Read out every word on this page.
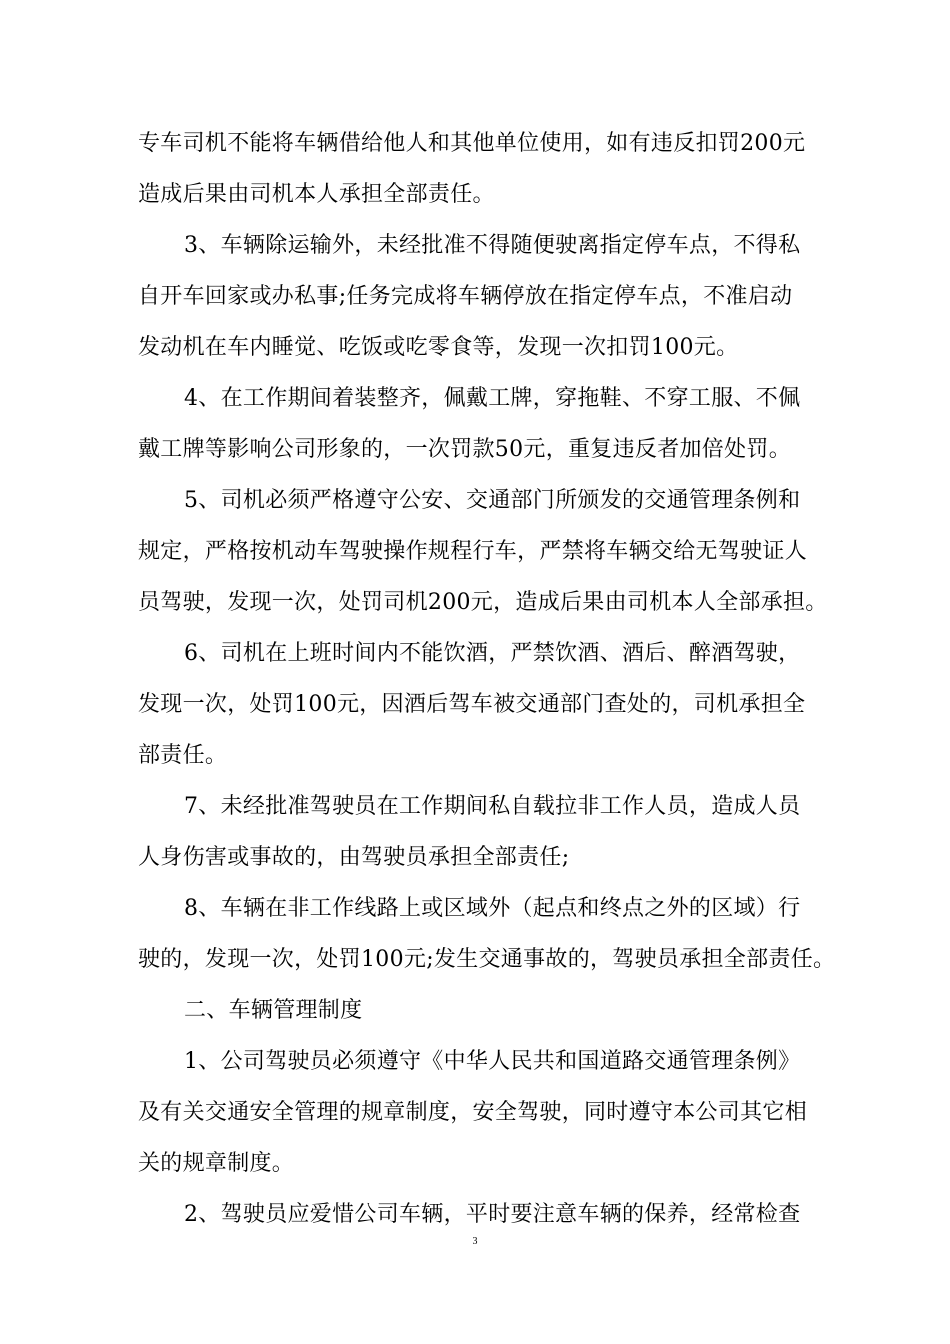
专车司机不能将车辆借给他人和其他单位使用，如有违反扣罚200元
造成后果由司机本人承担全部责任。
3、车辆除运输外，未经批准不得随便驶离指定停车点，不得私
自开车回家或办私事;任务完成将车辆停放在指定停车点，不准启动
发动机在车内睡觉、吃饭或吃零食等，发现一次扣罚100元。
4、在工作期间着装整齐，佩戴工牌，穿拖鞋、不穿工服、不佩
戴工牌等影响公司形象的，一次罚款50元，重复违反者加倍处罚。
5、司机必须严格遵守公安、交通部门所颁发的交通管理条例和
规定，严格按机动车驾驶操作规程行车，严禁将车辆交给无驾驶证人
员驾驶，发现一次，处罚司机200元，造成后果由司机本人全部承担。
6、司机在上班时间内不能饮酒，严禁饮酒、酒后、醉酒驾驶，
发现一次，处罚100元，因酒后驾车被交通部门查处的，司机承担全
部责任。
7、未经批准驾驶员在工作期间私自载拉非工作人员，造成人员
人身伤害或事故的，由驾驶员承担全部责任;
8、车辆在非工作线路上或区域外（起点和终点之外的区域）行
驶的，发现一次，处罚100元;发生交通事故的，驾驶员承担全部责任。
二、车辆管理制度
1、公司驾驶员必须遵守《中华人民共和国道路交通管理条例》
及有关交通安全管理的规章制度，安全驾驶，同时遵守本公司其它相
关的规章制度。
2、驾驶员应爱惜公司车辆，平时要注意车辆的保养，经常检查
3
